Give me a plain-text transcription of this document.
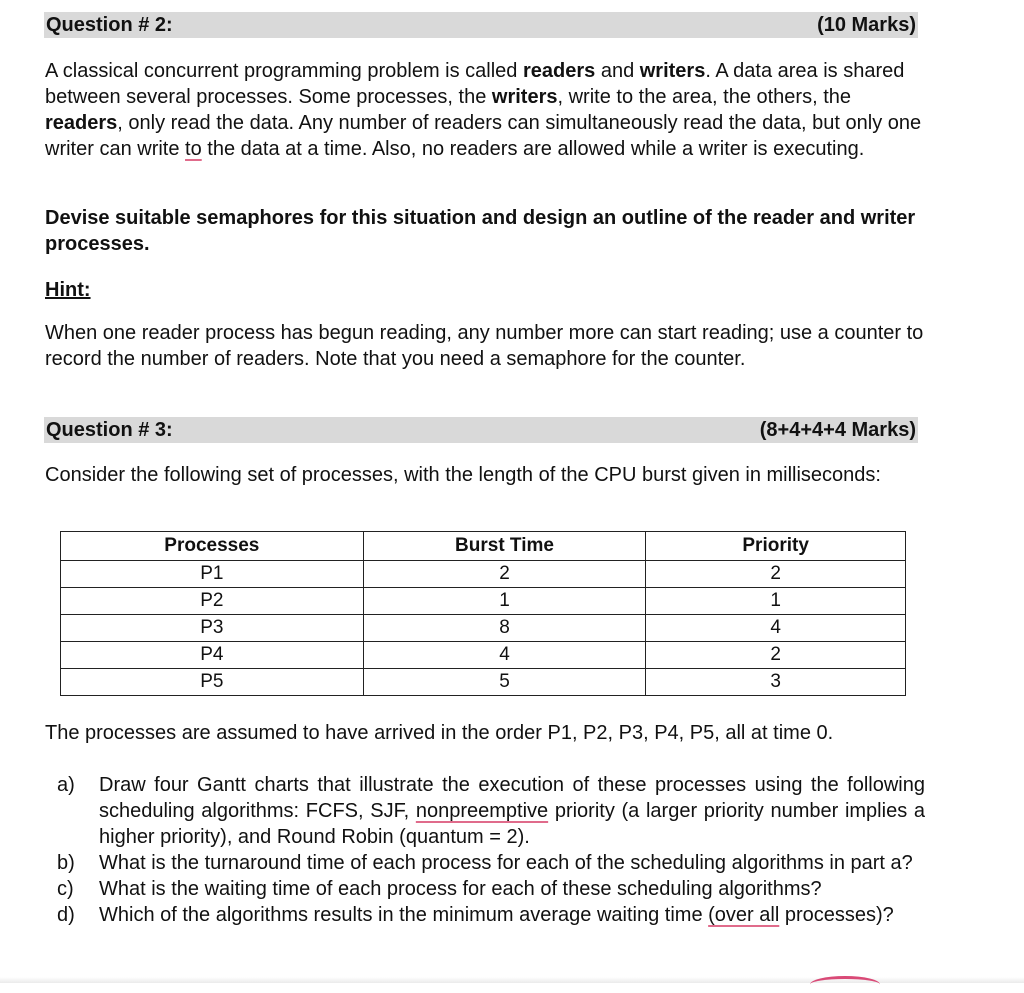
Question # 2:	(10 Marks)

A classical concurrent programming problem is called readers and writers. A data area is shared between several processes. Some processes, the writers, write to the area, the others, the readers, only read the data. Any number of readers can simultaneously read the data, but only one writer can write to the data at a time. Also, no readers are allowed while a writer is executing.

Devise suitable semaphores for this situation and design an outline of the reader and writer processes.

Hint:

When one reader process has begun reading, any number more can start reading; use a counter to record the number of readers. Note that you need a semaphore for the counter.

Question # 3:	(8+4+4+4 Marks)

Consider the following set of processes, with the length of the CPU burst given in milliseconds:

Processes	Burst Time	Priority
P1	2	2
P2	1	1
P3	8	4
P4	4	2
P5	5	3

The processes are assumed to have arrived in the order P1, P2, P3, P4, P5, all at time 0.

a) Draw four Gantt charts that illustrate the execution of these processes using the following scheduling algorithms: FCFS, SJF, nonpreemptive priority (a larger priority number implies a higher priority), and Round Robin (quantum = 2).
b) What is the turnaround time of each process for each of the scheduling algorithms in part a?
c) What is the waiting time of each process for each of these scheduling algorithms?
d) Which of the algorithms results in the minimum average waiting time (over all processes)?
